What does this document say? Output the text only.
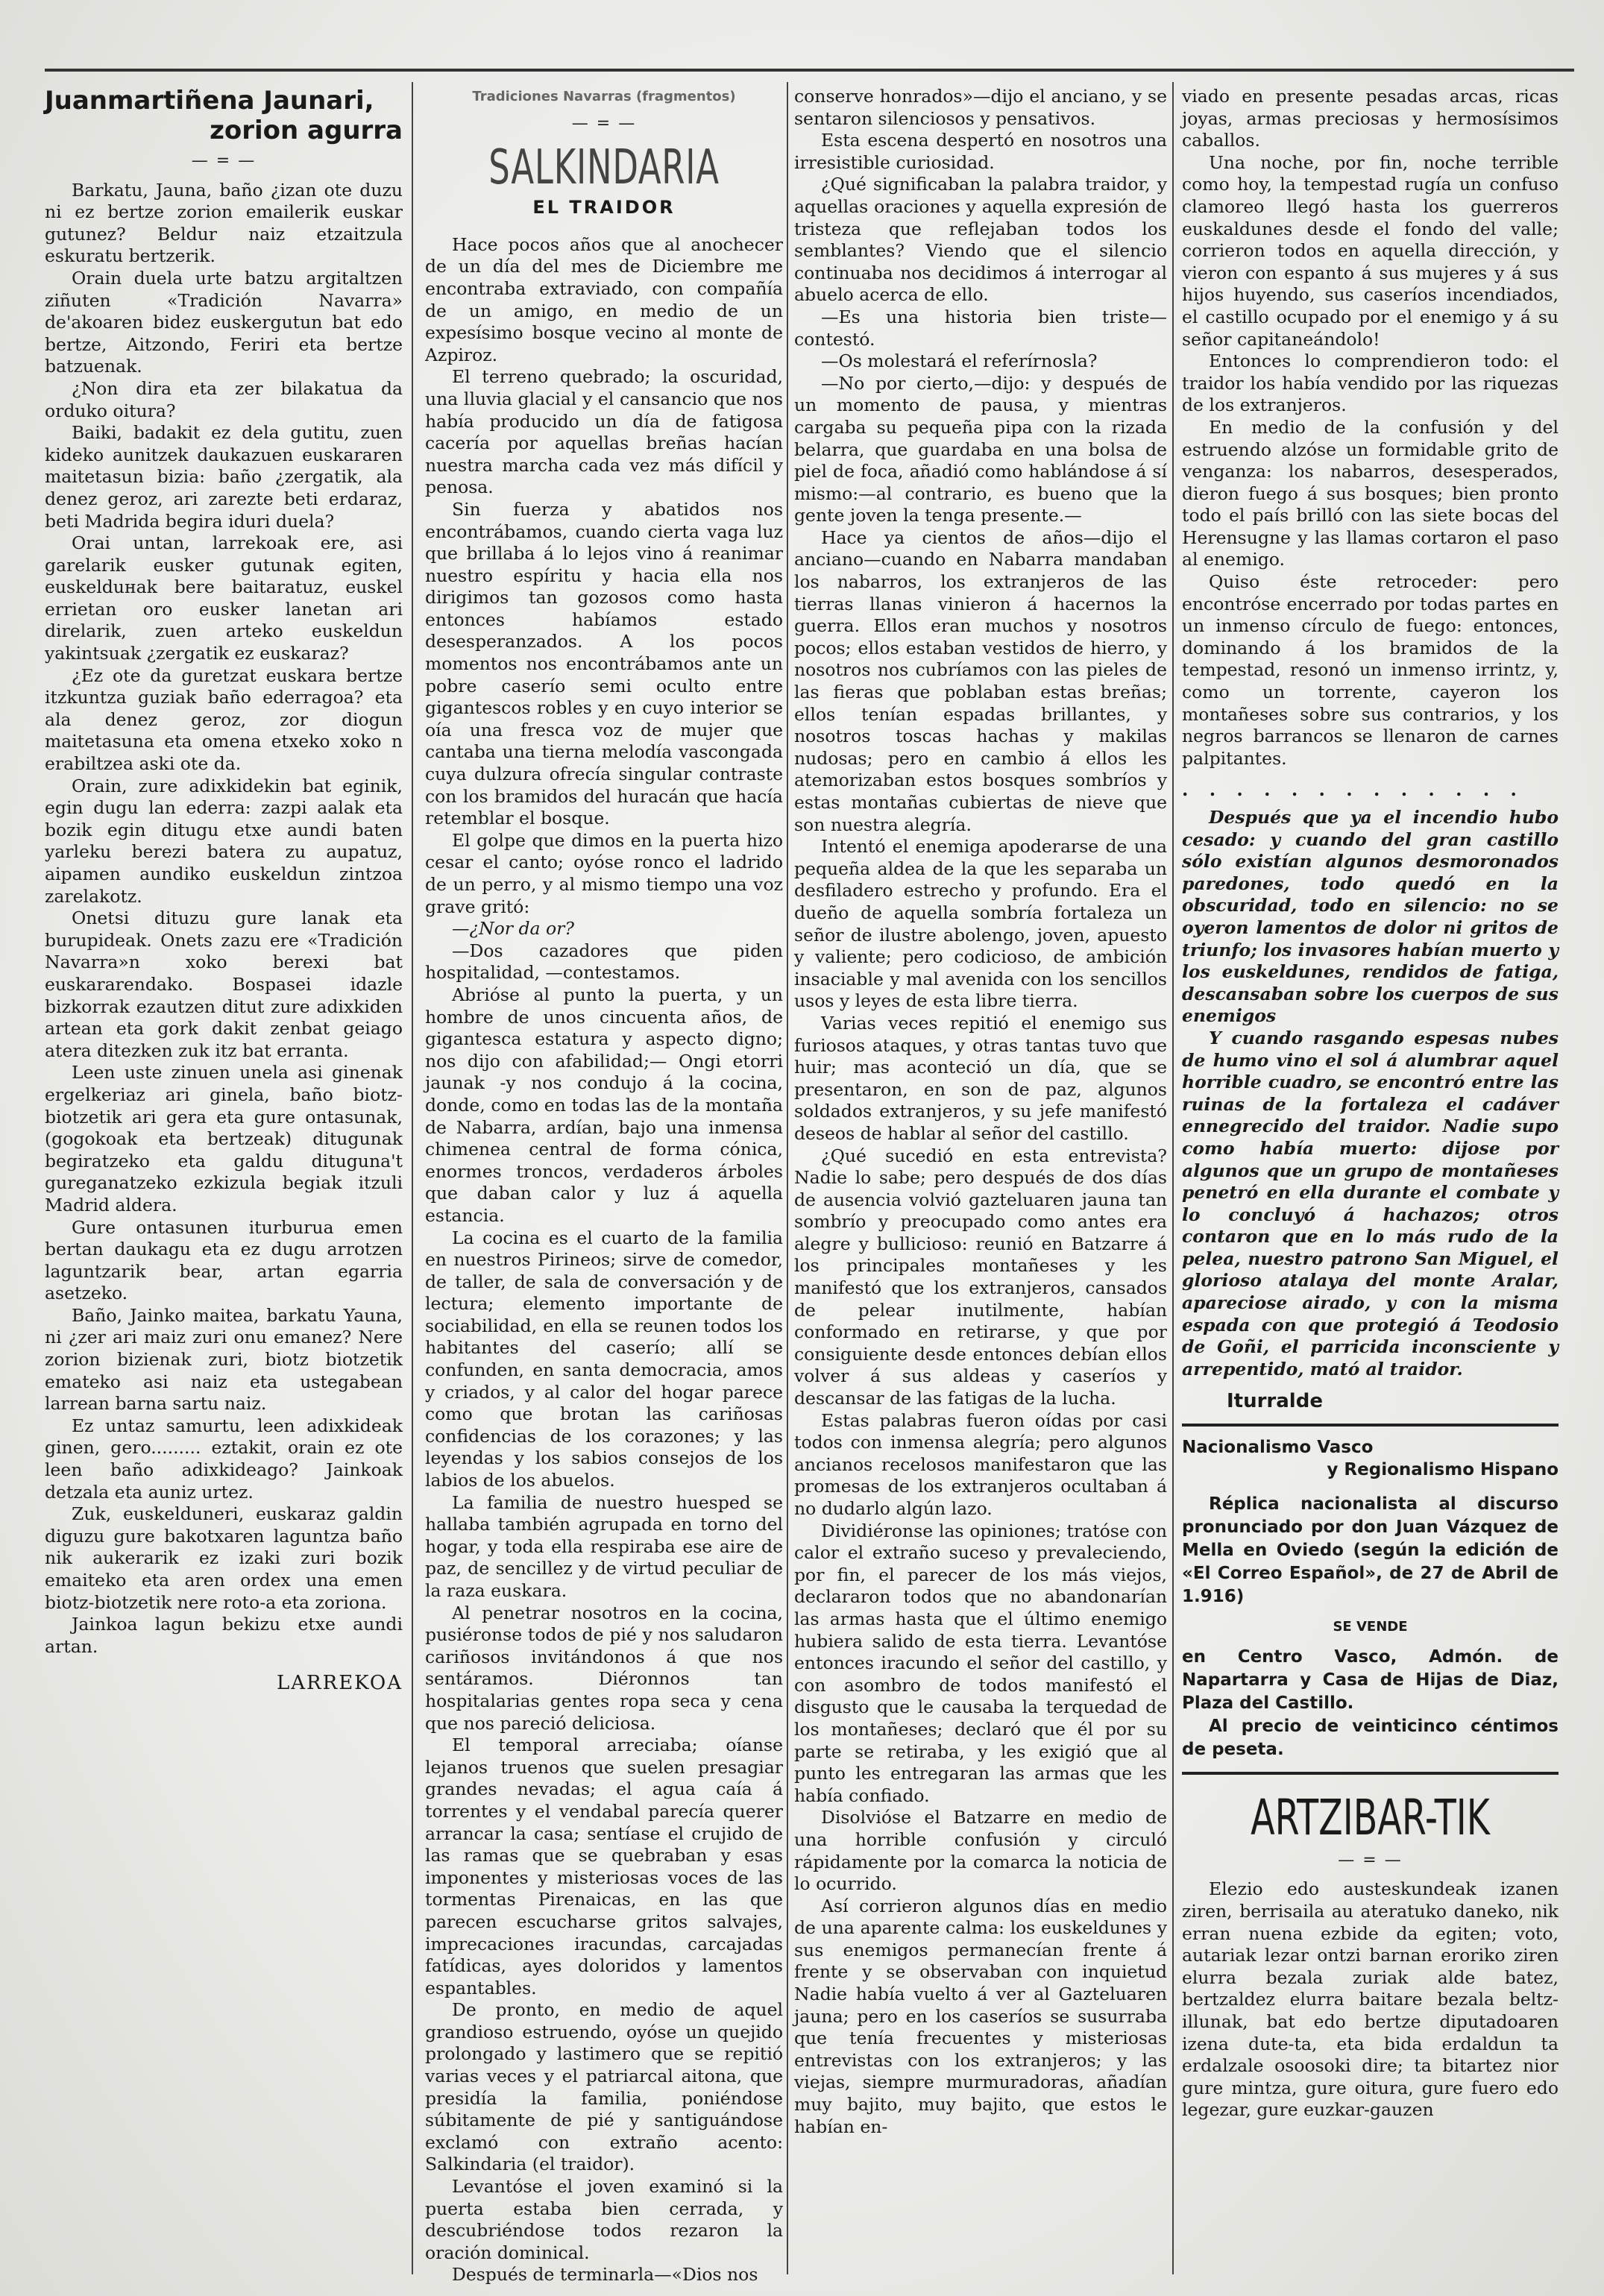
Juanmartiñena Jaunari,
zorion agurra
— = —

Barkatu, Jauna, baño ¿izan ote duzu ni ez bertze zorion emailerik euskar gutunez? Beldur naiz etzaitzula eskuratu bertzerik.

Orain duela urte batzu argitaltzen ziñuten «Tradición Navarra» de'akoaren bidez euskergutun bat edo bertze, Aitzondo, Feriri eta bertze batzuenak.

¿Non dira eta zer bilakatua da orduko oitura?

Baiki, badakit ez dela gutitu, zuen kideko aunitzek daukazuen euskararen maitetasun bizia: baño ¿zergatik, ala denez geroz, ari zarezte beti erdaraz, beti Madrida begira iduri duela?

Orai untan, larrekoak ere, asi garelarik eusker gutunak egiten, euskelduнak bere baitaratuz, euskel errietan oro eusker lanetan ari direlarik, zuen arteko euskeldun yakintsuak ¿zergatik ez euskaraz?

¿Ez ote da guretzat euskara bertze itzkuntza guziak baño ederragoa? eta ala denez geroz, zor diogun maitetasuna eta omena etxeko xoko n erabiltzea aski ote da.

Orain, zure adixkidekin bat eginik, egin dugu lan ederra: zazpi aalak eta bozik egin ditugu etxe aundi baten yarleku berezi batera zu aupatuz, aipamen aundiko euskeldun zintzoa zarelakotz.

Onetsi dituzu gure lanak eta burupideak. Onets zazu ere «Tradición Navarra»n xoko berexi bat euskararendako. Bospasei idazle bizkorrak ezautzen ditut zure adixkiden artean eta gork dakit zenbat geiago atera ditezken zuk itz bat erranta.

Leen uste zinuen unela asi ginenak ergelkeriaz ari ginela, baño biotz-biotzetik ari gera eta gure ontasunak, (gogokoak eta bertzeak) ditugunak begiratzeko eta galdu dituguna't gureganatzeko ezkizula begiak itzuli Madrid aldera.

Gure ontasunen iturburua emen bertan daukagu eta ez dugu arrotzen laguntzarik bear, artan egarria asetzeko.

Baño, Jainko maitea, barkatu Yauna, ni ¿zer ari maiz zuri onu emanez? Nere zorion bizienak zuri, biotz biotzetik emateko asi naiz eta ustegabean larrean barna sartu naiz.

Ez untaz samurtu, leen adixkideak ginen, gero......... eztakit, orain ez ote leen baño adixkideago? Jainkoak detzala eta auniz urtez.

Zuk, euskelduneri, euskaraz galdin diguzu gure bakotxaren laguntza baño nik aukerarik ez izaki zuri bozik emaiteko eta aren ordex una emen biotz-biotzetik nere roto-a eta zoriona.

Jainkoa lagun bekizu etxe aundi artan.

LARREKOA
Tradiciones Navarras (fragmentos)
— = —
SALKINDARIA
EL TRAIDOR

Hace pocos años que al anochecer de un día del mes de Diciembre me encontraba extraviado, con compañía de un amigo, en medio de un expesísimo bosque vecino al monte de Azpiroz.

El terreno quebrado; la oscuridad, una lluvia glacial y el cansancio que nos había producido un día de fatigosa cacería por aquellas breñas hacían nuestra marcha cada vez más difícil y penosa.

Sin fuerza y abatidos nos encontrábamos, cuando cierta vaga luz que brillaba á lo lejos vino á reanimar nuestro espíritu y hacia ella nos dirigimos tan gozosos como hasta entonces habíamos estado desesperanzados. A los pocos momentos nos encontrábamos ante un pobre caserío semi oculto entre gigantescos robles y en cuyo interior se oía una fresca voz de mujer que cantaba una tierna melodía vascongada cuya dulzura ofrecía singular contraste con los bramidos del huracán que hacía retemblar el bosque.

El golpe que dimos en la puerta hizo cesar el canto; oyóse ronco el ladrido de un perro, y al mismo tiempo una voz grave gritó:

—¿Nor da or?

—Dos cazadores que piden hospitalidad, —contestamos.

Abrióse al punto la puerta, y un hombre de unos cincuenta años, de gigantesca estatura y aspecto digno; nos dijo con afabilidad;— Ongi etorri jaunak -y nos condujo á la cocina, donde, como en todas las de la montaña de Nabarra, ardían, bajo una inmensa chimenea central de forma cónica, enormes troncos, verdaderos árboles que daban calor y luz á aquella estancia.

La cocina es el cuarto de la familia en nuestros Pirineos; sirve de comedor, de taller, de sala de conversación y de lectura; elemento importante de sociabilidad, en ella se reunen todos los habitantes del caserío; allí se confunden, en santa democracia, amos y criados, y al calor del hogar parece como que brotan las cariñosas confidencias de los corazones; y las leyendas y los sabios consejos de los labios de los abuelos.

La familia de nuestro huesped se hallaba también agrupada en torno del hogar, y toda ella respiraba ese aire de paz, de sencillez y de virtud peculiar de la raza euskara.

Al penetrar nosotros en la cocina, pusiéronse todos de pié y nos saludaron cariñosos invitándonos á que nos sentáramos. Diéronnos tan hospitalarias gentes ropa seca y cena que nos pareció deliciosa.

El temporal arreciaba; oíanse lejanos truenos que suelen presagiar grandes nevadas; el agua caía á torrentes y el vendabal parecía querer arrancar la casa; sentíase el crujido de las ramas que se quebraban y esas imponentes y misteriosas voces de las tormentas Pirenaicas, en las que parecen escucharse gritos salvajes, imprecaciones iracundas, carcajadas fatídicas, ayes doloridos y lamentos espantables.

De pronto, en medio de aquel grandioso estruendo, oyóse un quejido prolongado y lastimero que se repitió varias veces y el patriarcal aitona, que presidía la familia, poniéndose súbitamente de pié y santiguándose exclamó con extraño acento: Salkindaria (el traidor).

Levantóse el joven examinó si la puerta estaba bien cerrada, y descubriéndose todos rezaron la oración dominical.

Después de terminarla—«Dios nos

conserve honrados»—dijo el anciano, y se sentaron silenciosos y pensativos.

Esta escena despertó en nosotros una irresistible curiosidad.

¿Qué significaban la palabra traidor, y aquellas oraciones y aquella expresión de tristeza que reflejaban todos los semblantes? Viendo que el silencio continuaba nos decidimos á interrogar al abuelo acerca de ello.

—Es una historia bien triste— contestó.

—Os molestará el referírnosla?

—No por cierto,—dijo: y después de un momento de pausa, y mientras cargaba su pequeña pipa con la rizada belarra, que guardaba en una bolsa de piel de foca, añadió como hablándose á sí mismo:—al contrario, es bueno que la gente joven la tenga presente.—

Hace ya cientos de años—dijo el anciano—cuando en Nabarra mandaban los nabarros, los extranjeros de las tierras llanas vinieron á hacernos la guerra. Ellos eran muchos y nosotros pocos; ellos estaban vestidos de hierro, y nosotros nos cubríamos con las pieles de las fieras que poblaban estas breñas; ellos tenían espadas brillantes, y nosotros toscas hachas y makilas nudosas; pero en cambio á ellos les atemorizaban estos bosques sombríos y estas montañas cubiertas de nieve que son nuestra alegría.

Intentó el enemiga apoderarse de una pequeña aldea de la que les separaba un desfiladero estrecho y profundo. Era el dueño de aquella sombría fortaleza un señor de ilustre abolengo, joven, apuesto y valiente; pero codicioso, de ambición insaciable y mal avenida con los sencillos usos y leyes de esta libre tierra.

Varias veces repitió el enemigo sus furiosos ataques, y otras tantas tuvo que huir; mas aconteció un día, que se presentaron, en son de paz, algunos soldados extranjeros, y su jefe manifestó deseos de hablar al señor del castillo.

¿Qué sucedió en esta entrevista? Nadie lo sabe; pero después de dos días de ausencia volvió gazteluaren jauna tan sombrío y preocupado como antes era alegre y bullicioso: reunió en Batzarre á los principales montañeses y les manifestó que los extranjeros, cansados de pelear inutilmente, habían conformado en retirarse, y que por consiguiente desde entonces debían ellos volver á sus aldeas y caseríos y descansar de las fatigas de la lucha.

Estas palabras fueron oídas por casi todos con inmensa alegría; pero algunos ancianos recelosos manifestaron que las promesas de los extranjeros ocultaban á no dudarlo algún lazo.

Dividiéronse las opiniones; tratóse con calor el extraño suceso y prevaleciendo, por fin, el parecer de los más viejos, declararon todos que no abandonarían las armas hasta que el último enemigo hubiera salido de esta tierra. Levantóse entonces iracundo el señor del castillo, y con asombro de todos manifestó el disgusto que le causaba la terquedad de los montañeses; declaró que él por su parte se retiraba, y les exigió que al punto les entregaran las armas que les había confiado.

Disolvióse el Batzarre en medio de una horrible confusión y circuló rápidamente por la comarca la noticia de lo ocurrido.

Así corrieron algunos días en medio de una aparente calma: los euskeldunes y sus enemigos permanecían frente á frente y se observaban con inquietud Nadie había vuelto á ver al Gazteluaren jauna; pero en los caseríos se susurraba que tenía frecuentes y misteriosas entrevistas con los extranjeros; y las viejas, siempre murmuradoras, añadían muy bajito, muy bajito, que estos le habían en-

viado en presente pesadas arcas, ricas joyas, armas preciosas y hermosísimos caballos.

Una noche, por fin, noche terrible como hoy, la tempestad rugía un confuso clamoreo llegó hasta los guerreros euskaldunes desde el fondo del valle; corrieron todos en aquella dirección, y vieron con espanto á sus mujeres y á sus hijos huyendo, sus caseríos incendiados, el castillo ocupado por el enemigo y á su señor capitaneándolo!

Entonces lo comprendieron todo: el traidor los había vendido por las riquezas de los extranjeros.

En medio de la confusión y del estruendo alzóse un formidable grito de venganza: los nabarros, desesperados, dieron fuego á sus bosques; bien pronto todo el país brilló con las siete bocas del Herensugne y las llamas cortaron el paso al enemigo.

Quiso éste retroceder: pero encontróse encerrado por todas partes en un inmenso círculo de fuego: entonces, dominando á los bramidos de la tempestad, resonó un inmenso irrintz, y, como un torrente, cayeron los montañeses sobre sus contrarios, y los negros barrancos se llenaron de carnes palpitantes.

. . . . . . . . . . . . .

Después que ya el incendio hubo cesado: y cuando del gran castillo sólo existían algunos desmoronados paredones, todo quedó en la obscuridad, todo en silencio: no se oyeron lamentos de dolor ni gritos de triunfo; los invasores habían muerto y los euskeldunes, rendidos de fatiga, descansaban sobre los cuerpos de sus enemigos

Y cuando rasgando espesas nubes de humo vino el sol á alumbrar aquel horrible cuadro, se encontró entre las ruinas de la fortaleza el cadáver ennegrecido del traidor. Nadie supo como había muerto: dijose por algunos que un grupo de montañeses penetró en ella durante el combate y lo concluyó á hachazos; otros contaron que en lo más rudo de la pelea, nuestro patrono San Miguel, el glorioso atalaya del monte Aralar, apareciose airado, y con la misma espada con que protegió á Teodosio de Goñi, el parricida inconsciente y arrepentido, mató al traidor.

Iturralde
Nacionalismo Vasco
y Regionalismo Hispano
Réplica nacionalista al discurso pronunciado por don Juan Vázquez de Mella en Oviedo (según la edición de «El Correo Español», de 27 de Abril de 1.916)
SE VENDE
en Centro Vasco, Admón. de Napartarra y Casa de Hijas de Diaz, Plaza del Castillo.
Al precio de veinticinco céntimos de peseta.
ARTZIBAR-TIK
— = —

Elezio edo austeskundeak izanen ziren, berrisaila au ateratuko daneko, nik erran nuena ezbide da egiten; voto, autariak lezar ontzi barnan eroriko ziren elurra bezala zuriak alde batez, bertzaldez elurra baitare bezala beltz-illunak, bat edo bertze diputadoaren izena dute-ta, eta bida erdaldun ta erdalzale osoosoki dire; ta bitartez nior gure mintza, gure oitura, gure fuero edo legezar, gure euzkar-gauzen
